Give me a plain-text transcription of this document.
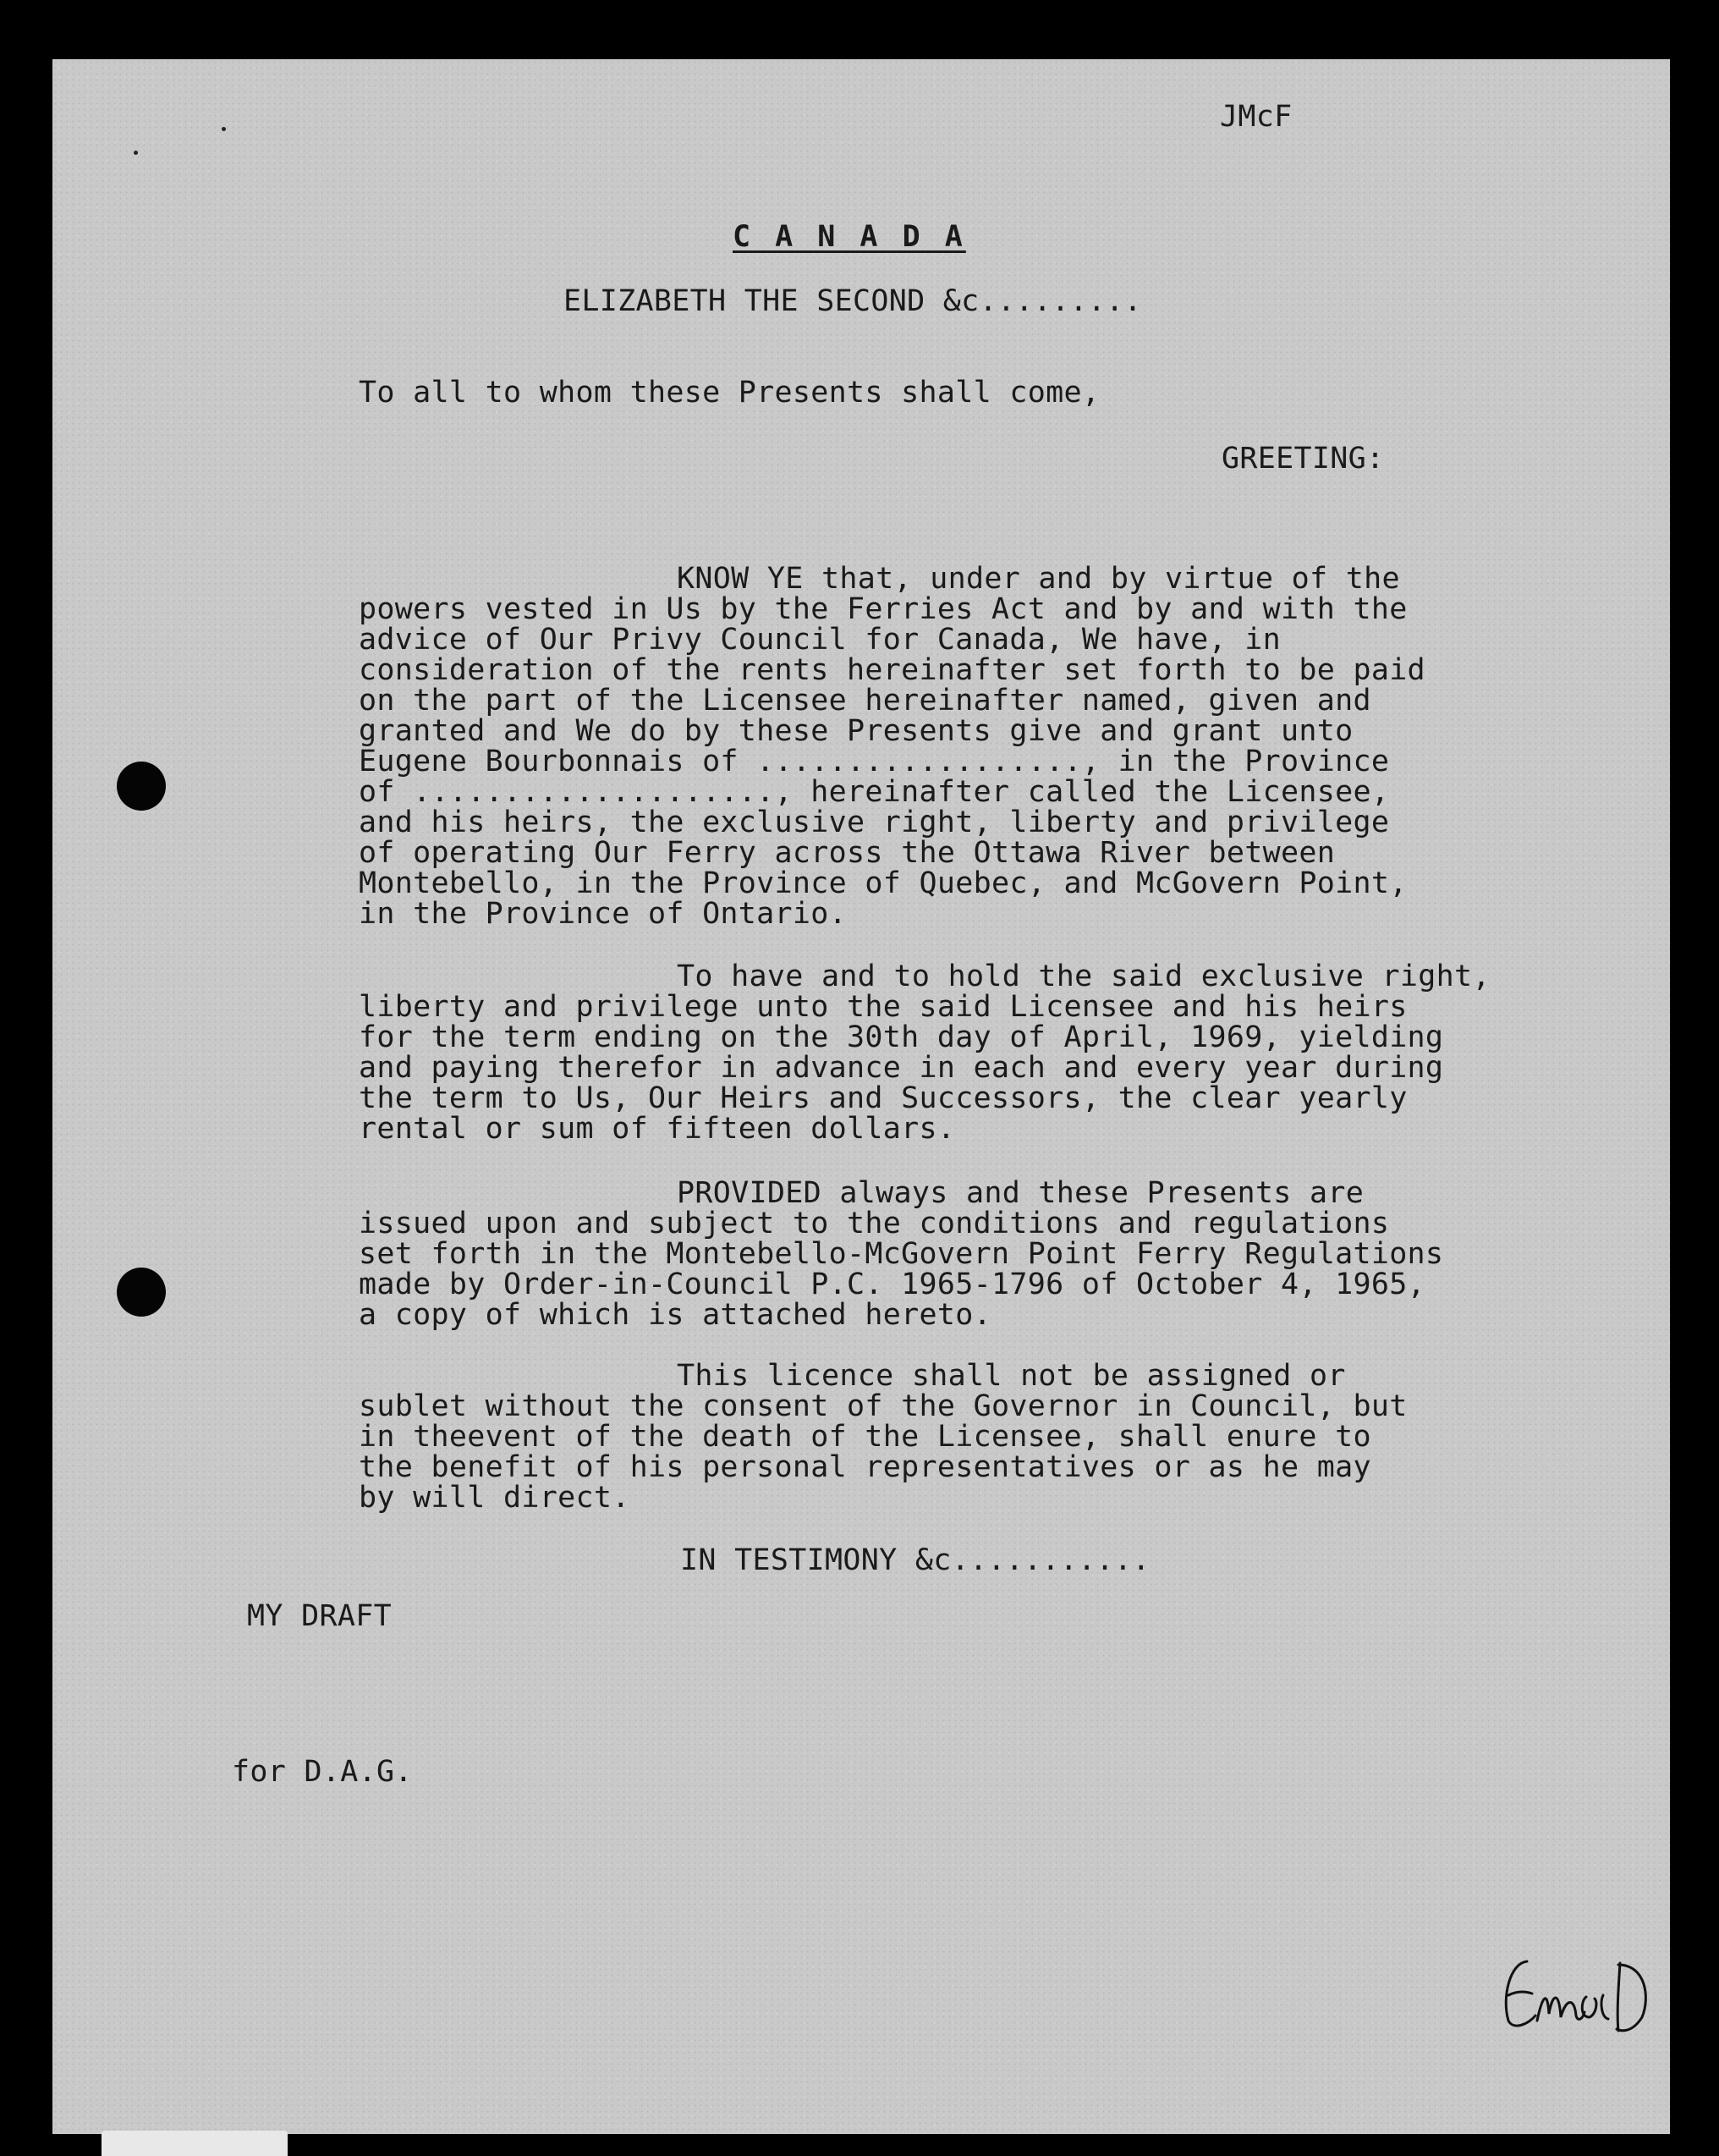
JMcF

C A N A D A

ELIZABETH THE SECOND &c.........

To all to whom these Presents shall come,

GREETING:

KNOW YE that, under and by virtue of the
powers vested in Us by the Ferries Act and by and with the
advice of Our Privy Council for Canada, We have, in
consideration of the rents hereinafter set forth to be paid
on the part of the Licensee hereinafter named, given and
granted and We do by these Presents give and grant unto
Eugene Bourbonnais of .................., in the Province
of ...................., hereinafter called the Licensee,
and his heirs, the exclusive right, liberty and privilege
of operating Our Ferry across the Ottawa River between
Montebello, in the Province of Quebec, and McGovern Point,
in the Province of Ontario.

To have and to hold the said exclusive right,
liberty and privilege unto the said Licensee and his heirs
for the term ending on the 30th day of April, 1969, yielding
and paying therefor in advance in each and every year during
the term to Us, Our Heirs and Successors, the clear yearly
rental or sum of fifteen dollars.

PROVIDED always and these Presents are
issued upon and subject to the conditions and regulations
set forth in the Montebello-McGovern Point Ferry Regulations
made by Order-in-Council P.C. 1965-1796 of October 4, 1965,
a copy of which is attached hereto.

This licence shall not be assigned or
sublet without the consent of the Governor in Council, but
in theevent of the death of the Licensee, shall enure to
the benefit of his personal representatives or as he may
by will direct.

IN TESTIMONY &c...........

MY DRAFT

for D.A.G.
